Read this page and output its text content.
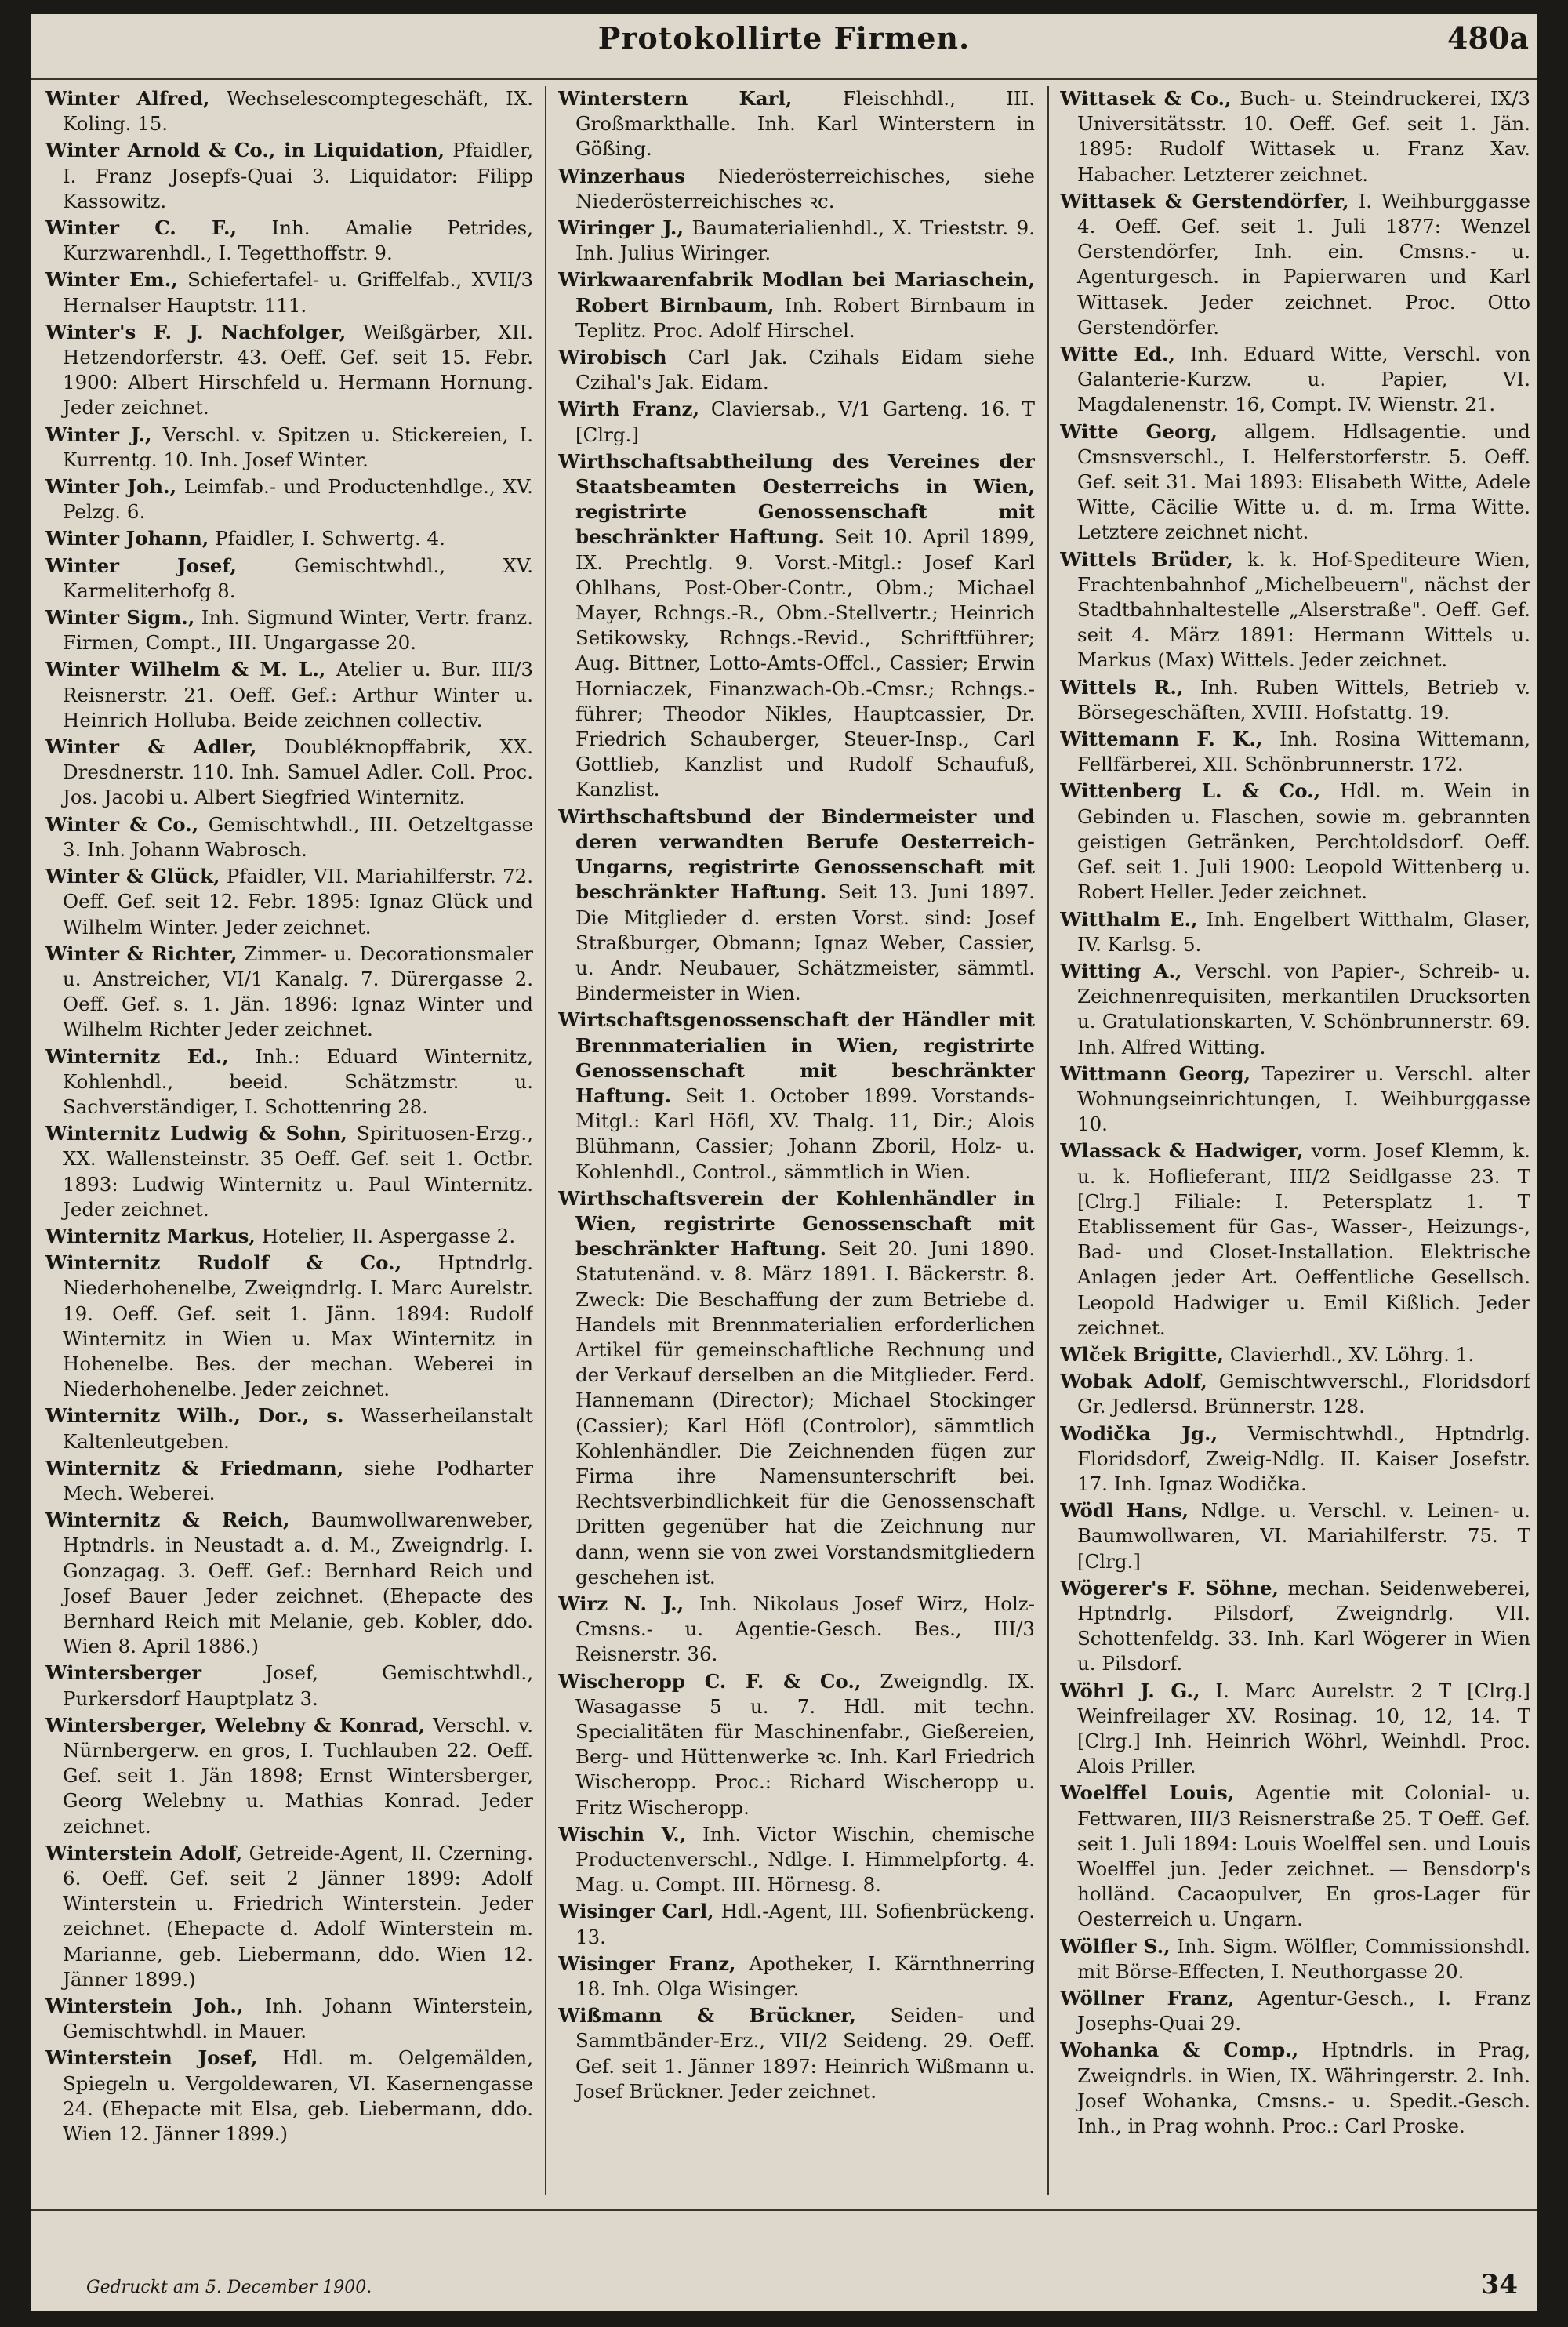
Protokollirte Firmen.	480a

Winter Alfred, Wechselescomptegeschäft, IX. Koling. 15.

Winter Arnold & Co., in Liquidation, Pfaidler, I. Franz Josepfs-Quai 3. Liquidator: Filipp Kassowitz.

Winter C. F., Inh. Amalie Petrides, Kurzwarenhdl., I. Tegetthoffstr. 9.

Winter Em., Schiefertafel- u. Griffelfab., XVII/3 Hernalser Hauptstr. 111.

Winter's F. J. Nachfolger, Weißgärber, XII. Hetzendorferstr. 43. Oeff. Gef. seit 15. Febr. 1900: Albert Hirschfeld u. Hermann Hornung. Jeder zeichnet.

Winter J., Verschl. v. Spitzen u. Stickereien, I. Kurrentg. 10. Inh. Josef Winter.

Winter Joh., Leimfab.- und Productenhdlge., XV. Pelzg. 6.

Winter Johann, Pfaidler, I. Schwertg. 4.

Winter Josef,	Gemischtwhdl., XV. Karmeliterhofg 8.

Winter Sigm., Inh. Sigmund Winter, Vertr. franz. Firmen, Compt., III. Ungargasse 20.

Winter Wilhelm & M. L., Atelier u. Bur. III/3 Reisnerstr. 21. Oeff. Gef.: Arthur Winter u. Heinrich Holluba. Beide zeichnen collectiv.

Winter & Adler, Doubléknopffabrik, XX. Dresdnerstr. 110. Inh. Samuel Adler. Coll. Proc. Jos. Jacobi u. Albert Siegfried Winternitz.

Winter & Co., Gemischtwhdl., III. Oetzeltgasse 3. Inh. Johann Wabrosch.

Winter & Glück, Pfaidler, VII. Mariahilferstr. 72. Oeff. Gef. seit 12. Febr. 1895: Ignaz Glück und Wilhelm Winter. Jeder zeichnet.

Winter & Richter, Zimmer- u. Decorationsmaler u. Anstreicher, VI/1 Kanalg. 7. Dürergasse 2. Oeff. Gef. s. 1. Jän. 1896: Ignaz Winter und Wilhelm Richter Jeder zeichnet.

Winternitz Ed., Inh.: Eduard Winternitz, Kohlenhdl., beeid. Schätzmstr. u. Sachverständiger, I. Schottenring 28.

Winternitz Ludwig & Sohn, Spirituosen-Erzg., XX. Wallensteinstr. 35 Oeff. Gef. seit 1. Octbr. 1893: Ludwig Winternitz u. Paul Winternitz. Jeder zeichnet.

Winternitz Markus, Hotelier, II. Aspergasse 2.

Winternitz Rudolf & Co., Hptndrlg. Niederhohenelbe, Zweigndrlg. I. Marc Aurelstr. 19. Oeff. Gef. seit 1. Jänn. 1894: Rudolf Winternitz in Wien u. Max Winternitz in Hohenelbe. Bes. der mechan. Weberei in Niederhohenelbe. Jeder zeichnet.

Winternitz Wilh., Dor., s. Wasserheilanstalt Kaltenleutgeben.

Winternitz & Friedmann, siehe Podharter Mech. Weberei.

Winternitz & Reich, Baumwollwarenweber, Hptndrls. in Neustadt a. d. M., Zweigndrlg. I. Gonzagag. 3. Oeff. Gef.: Bernhard Reich und Josef Bauer Jeder zeichnet. (Ehepacte des Bernhard Reich mit Melanie, geb. Kobler, ddo. Wien 8. April 1886.)

Wintersberger	Josef, Gemischtwhdl., Purkersdorf Hauptplatz 3.

Wintersberger, Welebny & Konrad, Verschl. v. Nürnbergerw. en gros, I. Tuchlauben 22. Oeff. Gef. seit 1. Jän 1898; Ernst Wintersberger, Georg Welebny u. Mathias Konrad. Jeder zeichnet.

Winterstein Adolf, Getreide-Agent, II. Czerning. 6. Oeff. Gef. seit 2 Jänner 1899: Adolf Winterstein u. Friedrich Winterstein. Jeder zeichnet. (Ehepacte d. Adolf Winterstein m. Marianne, geb. Liebermann, ddo. Wien 12. Jänner 1899.)

Winterstein Joh., Inh. Johann Winterstein, Gemischtwhdl. in Mauer.

Winterstein Josef, Hdl. m. Oelgemälden, Spiegeln u. Vergoldewaren, VI. Kasernengasse 24. (Ehepacte mit Elsa, geb. Liebermann, ddo. Wien 12. Jänner 1899.)

Winterstern Karl,	Fleischhdl., III. Großmarkthalle. Inh. Karl Winterstern in Gößing.

Winzerhaus Niederösterreichisches, siehe Niederösterreichisches ꝛc.

Wiringer J., Baumaterialienhdl., X. Trieststr. 9. Inh. Julius Wiringer.

Wirkwaarenfabrik Modlan bei Mariaschein, Robert Birnbaum, Inh. Robert Birnbaum in Teplitz. Proc. Adolf Hirschel.

Wirobisch Carl Jak. Czihals Eidam siehe Czihal's Jak. Eidam.

Wirth Franz, Claviersab., V/1 Garteng. 16. T [Clrg.]

Wirthschaftsabtheilung des Vereines der Staatsbeamten Oesterreichs in Wien, registrirte Genossenschaft mit beschränkter Haftung. Seit 10. April 1899, IX. Prechtlg. 9. Vorst.-Mitgl.: Josef Karl Ohlhans, Post-Ober-Contr., Obm.; Michael Mayer, Rchngs.-R., Obm.-Stellvertr.; Heinrich Setikowsky, Rchngs.-Revid., Schriftführer; Aug. Bittner, Lotto-Amts-Offcl., Cassier; Erwin Horniaczek, Finanzwach-Ob.-Cmsr.; Rchngs.-führer; Theodor Nikles, Hauptcassier, Dr. Friedrich Schauberger, Steuer-Insp., Carl Gottlieb, Kanzlist und Rudolf Schaufuß, Kanzlist.

Wirthschaftsbund der Bindermeister und deren verwandten Berufe Oesterreich-Ungarns, registrirte Genossenschaft mit beschränkter Haftung. Seit 13. Juni 1897. Die Mitglieder d. ersten Vorst. sind: Josef Straßburger, Obmann; Ignaz Weber, Cassier, u. Andr. Neubauer, Schätzmeister, sämmtl. Bindermeister in Wien.

Wirtschaftsgenossenschaft der Händler mit Brennmaterialien in Wien, registrirte Genossenschaft mit beschränkter Haftung. Seit 1. October 1899. Vorstands-Mitgl.: Karl Höfl, XV. Thalg. 11, Dir.; Alois Blühmann, Cassier; Johann Zboril, Holz- u. Kohlenhdl., Control., sämmtlich in Wien.

Wirthschaftsverein der Kohlenhändler in Wien, registrirte Genossenschaft mit beschränkter Haftung. Seit 20. Juni 1890. Statutenänd. v. 8. März 1891. I. Bäckerstr. 8. Zweck: Die Beschaffung der zum Betriebe d. Handels mit Brennmaterialien erforderlichen Artikel für gemeinschaftliche Rechnung und der Verkauf derselben an die Mitglieder. Ferd. Hannemann (Director); Michael Stockinger (Cassier); Karl Höfl (Controlor), sämmtlich Kohlenhändler. Die Zeichnenden fügen zur Firma ihre Namensunterschrift bei. Rechtsverbindlichkeit für die Genossenschaft Dritten gegenüber hat die Zeichnung nur dann, wenn sie von zwei Vorstandsmitgliedern geschehen ist.

Wirz N. J., Inh. Nikolaus Josef Wirz, Holz-Cmsns.- u. Agentie-Gesch. Bes., III/3 Reisnerstr. 36.

Wischeropp C. F. & Co., Zweigndlg. IX. Wasagasse 5 u. 7. Hdl. mit techn. Specialitäten für Maschinenfabr., Gießereien, Berg- und Hüttenwerke ꝛc. Inh. Karl Friedrich Wischeropp. Proc.: Richard Wischeropp u. Fritz Wischeropp.

Wischin V., Inh. Victor Wischin, chemische Productenverschl., Ndlge. I. Himmelpfortg. 4. Mag. u. Compt. III. Hörnesg. 8.

Wisinger Carl, Hdl.-Agent, III. Sofienbrückeng. 13.

Wisinger Franz, Apotheker, I. Kärnthnerring 18. Inh. Olga Wisinger.

Wißmann & Brückner, Seiden- und Sammtbänder-Erz., VII/2 Seideng. 29. Oeff. Gef. seit 1. Jänner 1897: Heinrich Wißmann u. Josef Brückner. Jeder zeichnet.

Wittasek & Co., Buch- u. Steindruckerei, IX/3 Universitätsstr. 10. Oeff. Gef. seit 1. Jän. 1895: Rudolf Wittasek u. Franz Xav. Habacher. Letzterer zeichnet.

Wittasek & Gerstendörfer, I. Weihburggasse 4. Oeff. Gef. seit 1. Juli 1877: Wenzel Gerstendörfer, Inh. ein. Cmsns.- u. Agenturgesch. in Papierwaren und Karl Wittasek. Jeder zeichnet. Proc. Otto Gerstendörfer.

Witte Ed., Inh. Eduard Witte, Verschl. von Galanterie-Kurzw. u. Papier, VI. Magdalenenstr. 16, Compt. IV. Wienstr. 21.

Witte Georg, allgem. Hdlsagentie. und Cmsnsverschl., I. Helferstorferstr. 5. Oeff. Gef. seit 31. Mai 1893: Elisabeth Witte, Adele Witte, Cäcilie Witte u. d. m. Irma Witte. Letztere zeichnet nicht.

Wittels Brüder, k. k. Hof-Spediteure Wien, Frachtenbahnhof „Michelbeuern", nächst der Stadtbahnhaltestelle „Alserstraße". Oeff. Gef. seit 4. März 1891: Hermann Wittels u. Markus (Max) Wittels. Jeder zeichnet.

Wittels R., Inh. Ruben Wittels, Betrieb v. Börsegeschäften, XVIII. Hofstattg. 19.

Wittemann F. K., Inh. Rosina Wittemann, Fellfärberei, XII. Schönbrunnerstr. 172.

Wittenberg L. & Co., Hdl. m. Wein in Gebinden u. Flaschen, sowie m. gebrannten geistigen Getränken, Perchtoldsdorf. Oeff. Gef. seit 1. Juli 1900: Leopold Wittenberg u. Robert Heller. Jeder zeichnet.

Witthalm E., Inh. Engelbert Witthalm, Glaser, IV. Karlsg. 5.

Witting A., Verschl. von Papier-, Schreib- u. Zeichnenrequisiten, merkantilen Drucksorten u. Gratulationskarten, V. Schönbrunnerstr. 69. Inh. Alfred Witting.

Wittmann Georg, Tapezirer u. Verschl. alter Wohnungseinrichtungen, I. Weihburggasse 10.

Wlassack & Hadwiger, vorm. Josef Klemm, k. u. k. Hoflieferant, III/2 Seidlgasse 23. T [Clrg.] Filiale: I. Petersplatz 1. T Etablissement für Gas-, Wasser-, Heizungs-, Bad- und Closet-Installation. Elektrische Anlagen jeder Art. Oeffentliche Gesellsch. Leopold Hadwiger u. Emil Kißlich. Jeder zeichnet.

Wlček Brigitte, Clavierhdl., XV. Löhrg. 1.

Wobak Adolf, Gemischtwverschl., Floridsdorf Gr. Jedlersd. Brünnerstr. 128.

Wodička Jg., Vermischtwhdl., Hptndrlg. Floridsdorf, Zweig-Ndlg. II. Kaiser Josefstr. 17. Inh. Ignaz Wodička.

Wödl Hans, Ndlge. u. Verschl. v. Leinen- u. Baumwollwaren, VI. Mariahilferstr. 75. T [Clrg.]

Wögerer's F. Söhne, mechan. Seidenweberei, Hptndrlg. Pilsdorf, Zweigndrlg. VII. Schottenfeldg. 33. Inh. Karl Wögerer in Wien u. Pilsdorf.

Wöhrl J. G., I. Marc Aurelstr. 2 T [Clrg.] Weinfreilager XV. Rosinag. 10, 12, 14. T [Clrg.] Inh. Heinrich Wöhrl, Weinhdl. Proc. Alois Priller.

Woelffel Louis, Agentie mit Colonial- u. Fettwaren, III/3 Reisnerstraße 25. T Oeff. Gef. seit 1. Juli 1894: Louis Woelffel sen. und Louis Woelffel jun. Jeder zeichnet. — Bensdorp's holländ. Cacaopulver, En gros-Lager für Oesterreich u. Ungarn.

Wölfler S., Inh. Sigm. Wölfler, Commissionshdl. mit Börse-Effecten, I. Neuthorgasse 20.

Wöllner Franz, Agentur-Gesch., I. Franz Josephs-Quai 29.

Wohanka & Comp., Hptndrls. in Prag, Zweigndrls. in Wien, IX. Währingerstr. 2. Inh. Josef Wohanka, Cmsns.- u. Spedit.-Gesch. Inh., in Prag wohnh. Proc.: Carl Proske.

Gedruckt am 5. December 1900.	34
